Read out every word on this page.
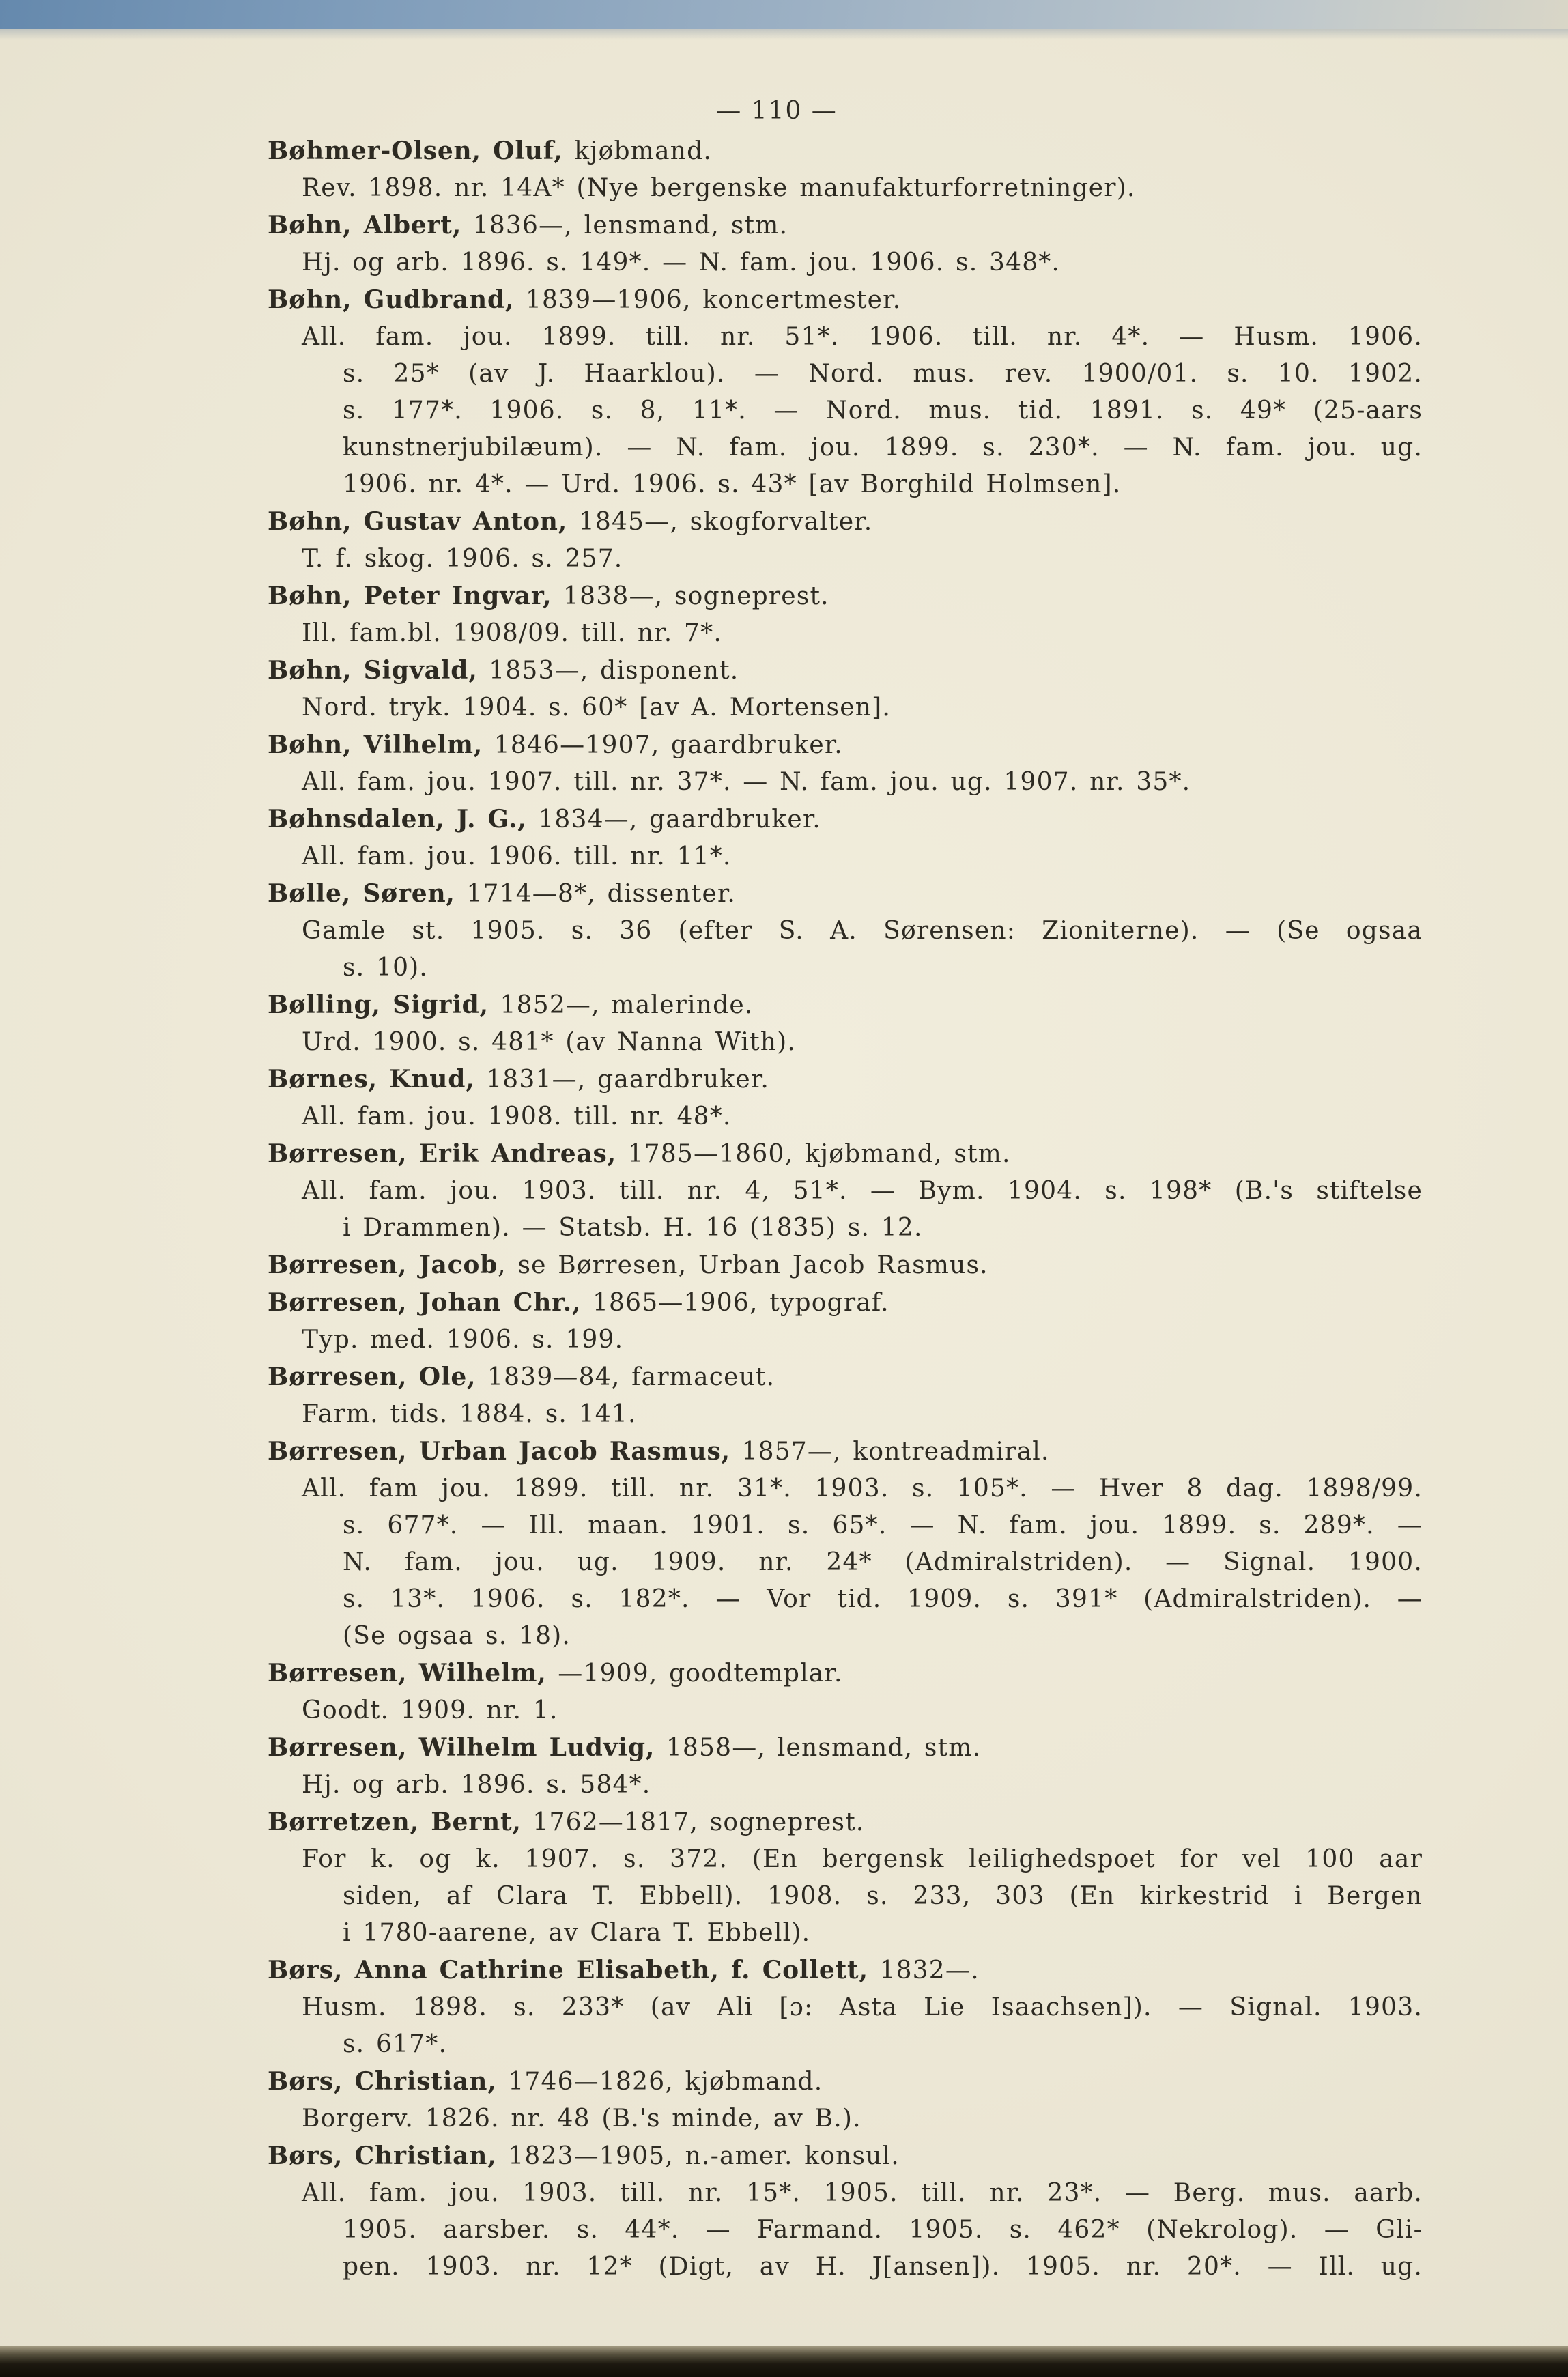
— 110 —
Bøhmer-Olsen, Oluf, kjøbmand.
Rev. 1898. nr. 14A* (Nye bergenske manufakturforretninger).
Bøhn, Albert, 1836—, lensmand, stm.
Hj. og arb. 1896. s. 149*. — N. fam. jou. 1906. s. 348*.
Bøhn, Gudbrand, 1839—1906, koncertmester.
All. fam. jou. 1899. till. nr. 51*. 1906. till. nr. 4*. — Husm. 1906.
s. 25* (av J. Haarklou). — Nord. mus. rev. 1900/01. s. 10. 1902.
s. 177*. 1906. s. 8, 11*. — Nord. mus. tid. 1891. s. 49* (25-aars
kunstnerjubilæum). — N. fam. jou. 1899. s. 230*. — N. fam. jou. ug.
1906. nr. 4*. — Urd. 1906. s. 43* [av Borghild Holmsen].
Bøhn, Gustav Anton, 1845—, skogforvalter.
T. f. skog. 1906. s. 257.
Bøhn, Peter Ingvar, 1838—, sogneprest.
Ill. fam.bl. 1908/09. till. nr. 7*.
Bøhn, Sigvald, 1853—, disponent.
Nord. tryk. 1904. s. 60* [av A. Mortensen].
Bøhn, Vilhelm, 1846—1907, gaardbruker.
All. fam. jou. 1907. till. nr. 37*. — N. fam. jou. ug. 1907. nr. 35*.
Bøhnsdalen, J. G., 1834—, gaardbruker.
All. fam. jou. 1906. till. nr. 11*.
Bølle, Søren, 1714—8*, dissenter.
Gamle st. 1905. s. 36 (efter S. A. Sørensen: Zioniterne). — (Se ogsaa
s. 10).
Bølling, Sigrid, 1852—, malerinde.
Urd. 1900. s. 481* (av Nanna With).
Børnes, Knud, 1831—, gaardbruker.
All. fam. jou. 1908. till. nr. 48*.
Børresen, Erik Andreas, 1785—1860, kjøbmand, stm.
All. fam. jou. 1903. till. nr. 4, 51*. — Bym. 1904. s. 198* (B.'s stiftelse
i Drammen). — Statsb. H. 16 (1835) s. 12.
Børresen, Jacob, se Børresen, Urban Jacob Rasmus.
Børresen, Johan Chr., 1865—1906, typograf.
Typ. med. 1906. s. 199.
Børresen, Ole, 1839—84, farmaceut.
Farm. tids. 1884. s. 141.
Børresen, Urban Jacob Rasmus, 1857—, kontreadmiral.
All. fam jou. 1899. till. nr. 31*. 1903. s. 105*. — Hver 8 dag. 1898/99.
s. 677*. — Ill. maan. 1901. s. 65*. — N. fam. jou. 1899. s. 289*. —
N. fam. jou. ug. 1909. nr. 24* (Admiralstriden). — Signal. 1900.
s. 13*. 1906. s. 182*. — Vor tid. 1909. s. 391* (Admiralstriden). —
(Se ogsaa s. 18).
Børresen, Wilhelm, —1909, goodtemplar.
Goodt. 1909. nr. 1.
Børresen, Wilhelm Ludvig, 1858—, lensmand, stm.
Hj. og arb. 1896. s. 584*.
Børretzen, Bernt, 1762—1817, sogneprest.
For k. og k. 1907. s. 372. (En bergensk leilighedspoet for vel 100 aar
siden, af Clara T. Ebbell). 1908. s. 233, 303 (En kirkestrid i Bergen
i 1780-aarene, av Clara T. Ebbell).
Børs, Anna Cathrine Elisabeth, f. Collett, 1832—.
Husm. 1898. s. 233* (av Ali [ɔ: Asta Lie Isaachsen]). — Signal. 1903.
s. 617*.
Børs, Christian, 1746—1826, kjøbmand.
Borgerv. 1826. nr. 48 (B.'s minde, av B.).
Børs, Christian, 1823—1905, n.-amer. konsul.
All. fam. jou. 1903. till. nr. 15*. 1905. till. nr. 23*. — Berg. mus. aarb.
1905. aarsber. s. 44*. — Farmand. 1905. s. 462* (Nekrolog). — Gli-
pen. 1903. nr. 12* (Digt, av H. J[ansen]). 1905. nr. 20*. — Ill. ug.
